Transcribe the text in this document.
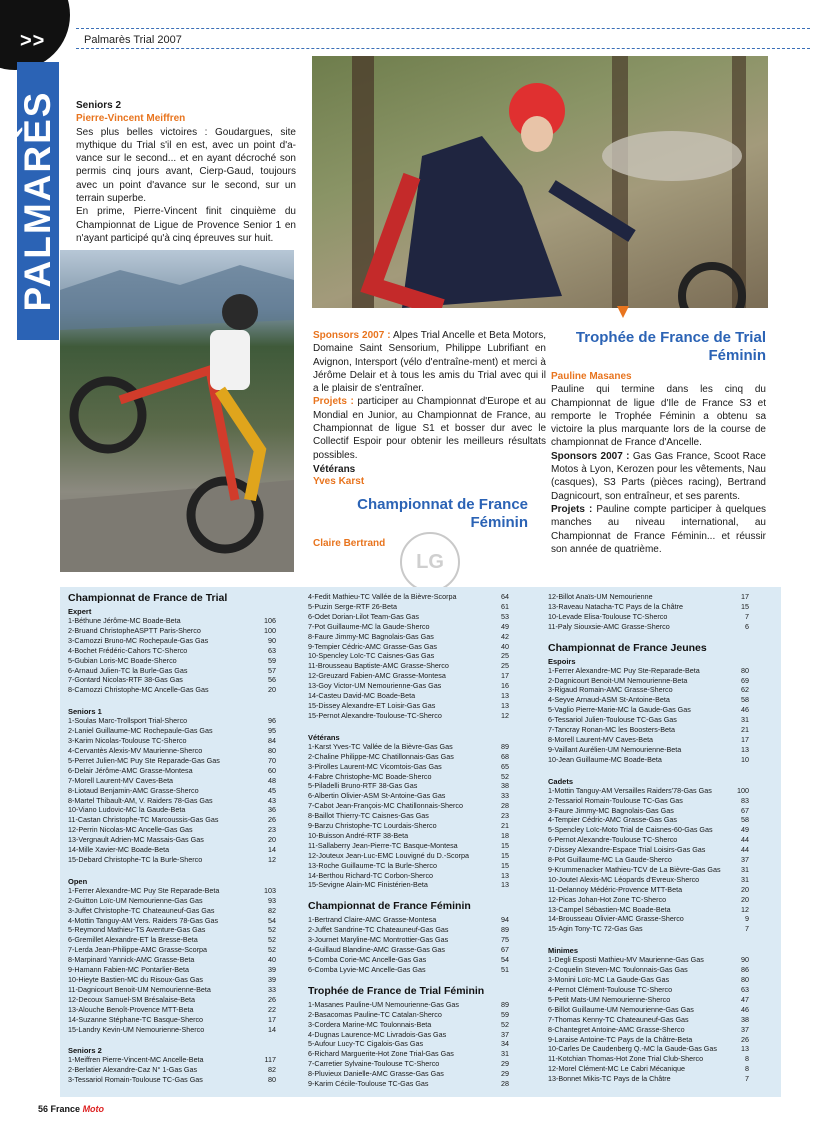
>>	Palmarès Trial 2007
PALMARÈS Seniors 2
Pierre-Vincent Meiffren

Ses plus belles victoires : Goudargues, site mythique du Trial s'il en est, avec un point d'a-vance sur le second... et en ayant décroché son permis cinq jours avant, Cierp-Gaud, toujours avec un point d'avance sur le second, sur un terrain superbe.

En prime, Pierre-Vincent finit cinquième du Championnat de Ligue de Provence Senior 1 en n'ayant participé qu'à cinq épreuves sur huit.

Sponsors 2007 : Alpes Trial Ancelle et Beta Motors, Domaine Saint Sensorium, Philippe Lubrifiant en Avignon, Intersport (vélo d'entraîne-ment) et merci à Jérôme Delair et à tous les amis du Trial avec qui il a le plaisir de s'entraîner.

Projets : participer au Championnat d'Europe et au Mondial en Junior, au Championnat de France, au Championnat de ligue S1 et bosser dur avec le Collectif Espoir pour obtenir les meilleurs résultats possibles.

Vétérans
Yves Karst
Championnat de France Féminin
LG
Claire Bertrand
Trophée de France de Trial Féminin
Pauline Masanes

Pauline qui termine dans les cinq du Championnat de ligue d'Ile de France S3 et remporte le Trophée Féminin a obtenu sa victoire la plus marquante lors de la course de championnat de France d'Ancelle.

Sponsors 2007 : Gas Gas France, Scoot Race Motos à Lyon, Kerozen pour les vêtements, Nau (casques), S3 Parts (pièces racing), Bertrand Dagnicourt, son entraîneur, et ses parents.

Projets : Pauline compte participer à quelques manches au niveau international, au Championnat de France Féminin... et réussir son année de quatrième.

Championnat de France de Trial
Expert
1-Béthune Jérôme-MC Boade-Beta	106
2-Bruand ChristopheASPTT Paris-Sherco	100
3-Camozzi Bruno-MC Rochepaule-Gas Gas	90
4-Bochet Frédéric-Cahors TC-Sherco	63
5-Gubian Loris-MC Boade-Sherco	59
6-Arnaud Julien-TC la Burle-Gas Gas	57
7-Gontard Nicolas-RTF 38-Gas Gas	56
8-Camozzi Christophe-MC Ancelle-Gas Gas	20
Seniors 1
1-Soulas Marc-Trollsport Trial-Sherco	96
2-Laniel Guillaume-MC Rochepaule-Gas Gas	95
3-Karim Nicolas-Toulouse TC-Sherco	84
4-Cervantès Alexis-MV Maurienne-Sherco	80
5-Perret Julien-MC Puy Ste Reparade-Gas Gas	70
6-Delair Jérôme-AMC Grasse-Montesa	60
7-Morell Laurent-MV Caves-Beta	48
8-Liotaud Benjamin-AMC Grasse-Sherco	45
8-Martel Thibault-AM, V. Raiders 78-Gas Gas	43
10-Viano Ludovic-MC la Gaude-Beta	36
11-Castan Christophe-TC Marcoussis-Gas Gas	26
12-Perrin Nicolas-MC Ancelle-Gas Gas	23
13-Vergnault Adrien-MC Massais-Gas Gas	20
14-Mille Xavier-MC Boade-Beta	14
15-Debard Christophe-TC la Burle-Sherco	12
Open
1-Ferrer Alexandre-MC Puy Ste Reparade-Beta	103
2-Guitton Loïc-UM Nemourienne-Gas Gas	93
3-Juffet Christophe-TC Chateauneuf-Gas Gas	82
4-Mottin Tanguy-AM Vers. Raiders 78-Gas Gas	54
5-Reymond Mathieu-TS Aventure-Gas Gas	52
6-Gremillet Alexandre-ET la Bresse-Beta	52
7-Lerda Jean-Philippe-AMC Grasse-Scorpa	52
8-Marpinard Yannick-AMC Grasse-Beta	40
9-Hamann Fabien-MC Pontarlier-Beta	39
10-Hieyte Bastien-MC du Risoux-Gas Gas	39
11-Dagnicourt Benoit-UM Nemourienne-Beta	33
12-Decoux Samuel-SM Brésalaise-Beta	26
13-Alouche Benoît-Provence MTT-Beta	22
14-Suzanne Stéphane-TC Basque-Sherco	17
15-Landry Kevin-UM Nemourienne-Sherco	14
Seniors 2
1-Meiffren Pierre-Vincent-MC Ancelle-Beta	117
2-Berlatier Alexandre-Caz N° 1-Gas Gas	82
3-Tessariol Romain-Toulouse TC-Gas Gas	80
4-Fedit Mathieu-TC Vallée de la Bièvre-Scorpa	64
5-Puzin Serge-RTF 26-Beta	61
6-Odet Dorian-Lilot Team-Gas Gas	53
7-Pot Guillaume-MC la Gaude-Sherco	49
8-Faure Jimmy-MC Bagnolais-Gas Gas	42
9-Tempier Cédric-AMC Grasse-Gas Gas	40
10-Spencley Loïc-TC Caisnes-Gas Gas	25
11-Brousseau Baptiste-AMC Grasse-Sherco	25
12-Greuzard Fabien-AMC Grasse-Montesa	17
13-Goy Victor-UM Nemourienne-Gas Gas	16
14-Casteu David-MC Boade-Beta	13
15-Dissey Alexandre-ET Loisir-Gas Gas	13
15-Pernot Alexandre-Toulouse-TC-Sherco	12
Vétérans
1-Karst Yves-TC Vallée de la Bièvre-Gas Gas	89
2-Chaline Philippe-MC Chatillonnais-Gas Gas	68
3-Pirolles Laurent-MC Vicomtois-Gas Gas	65
4-Fabre Christophe-MC Boade-Sherco	52
5-Piladelli Bruno-RTF 38-Gas Gas	38
6-Albertin Olivier-ASM St-Antoine-Gas Gas	33
7-Cabot Jean-François-MC Chatillonnais-Sherco	28
8-Baillot Thierry-TC Caisnes-Gas Gas	23
9-Barzu Christophe-TC Lourdais-Sherco	21
10-Buisson André-RTF 38-Beta	18
11-Sallaberry Jean-Pierre-TC Basque-Montesa	15
12-Jouteux Jean-Luc-EMC Louvigné du D.-Scorpa	15
13-Roche Guillaume-TC la Burle-Sherco	15
14-Berthou Richard-TC Corbon-Sherco	13
15-Sevigne Alain-MC Finistérien-Beta	13
Championnat de France Féminin
1-Bertrand Claire-AMC Grasse-Montesa	94
2-Juffet Sandrine-TC Chateauneuf-Gas Gas	89
3-Journet Maryline-MC Montrottier-Gas Gas	75
4-Guillaud Blandine-AMC Grasse-Gas Gas	67
5-Comba Corie-MC Ancelle-Gas Gas	54
6-Comba Lyvie-MC Ancelle-Gas Gas	51
Trophée de France de Trial Féminin
1-Masanes Pauline-UM Nemourienne-Gas Gas	89
2-Basacomas Pauline-TC Catalan-Sherco	59
3-Cordera Marine-MC Toulonnais-Beta	52
4-Dugnas Laurence-MC Livradois-Gas Gas	37
5-Aufour Lucy-TC Cigalois-Gas Gas	34
6-Richard Marguerite-Hot Zone Trial-Gas Gas	31
7-Carretier Sylvaine-Toulouse TC-Sherco	29
8-Pluvieux Danielle-AMC Grasse-Gas Gas	29
9-Karim Cécile-Toulouse TC-Gas Gas	28
12-Billot Anaïs-UM Nemourienne	17
13-Raveau Natacha-TC Pays de la Châtre	15
10-Levade Elisa-Toulouse TC-Sherco	7
11-Paly Siouxsie-AMC Grasse-Sherco	6
Championnat de France Jeunes
Espoirs
1-Ferrer Alexandre-MC Puy Ste-Reparade-Beta	80
2-Dagnicourt Benoit-UM Nemourienne-Beta	69
3-Rigaud Romain-AMC Grasse-Sherco	62
4-Seyve Arnaud-ASM St-Antoine-Beta	58
5-Vaglio Pierre-Marie-MC la Gaude-Gas Gas	46
6-Tessariol Julien-Toulouse TC-Gas Gas	31
7-Tancray Ronan-MC les Boosters-Beta	21
8-Morell Laurent-MV Caves-Beta	17
9-Vaillant Aurélien-UM Nemourienne-Beta	13
10-Jean Guillaume-MC Boade-Beta	10
Cadets
1-Mottin Tanguy-AM Versailles Raiders'78-Gas Gas	100
2-Tessariol Romain-Toulouse TC-Gas Gas	83
3-Faure Jimmy-MC Bagnolais-Gas Gas	67
4-Tempier Cédric-AMC Grasse-Gas Gas	58
5-Spencley Loïc-Moto Trial de Caisnes-60-Gas Gas	49
6-Pernot Alexandre-Toulouse TC-Sherco	44
7-Dissey Alexandre-Espace Trial Loisirs-Gas Gas	44
8-Pot Guillaume-MC La Gaude-Sherco	37
9-Krummenacker Mathieu-TCV de La Bièvre-Gas Gas	31
10-Jouteï Alexis-MC Léopards d'Evreux-Sherco	31
11-Delannoy Médéric-Provence MTT-Beta	20
12-Picas Johan-Hot Zone TC-Sherco	20
13-Campel Sébastien-MC Boade-Beta	12
14-Brousseau Olivier-AMC Grasse-Sherco	9
15-Agin Tony-TC 72-Gas Gas	7
Minimes
1-Degli Esposti Mathieu-MV Maurienne-Gas Gas	90
2-Coquelin Steven-MC Toulonnais-Gas Gas	86
3-Monini Loïc-MC La Gaude-Gas Gas	80
4-Pernot Clément-Toulouse TC-Sherco	63
5-Petit Mats-UM Nemourienne-Sherco	47
6-Billot Guillaume-UM Nemourienne-Gas Gas	46
7-Thomas Kenny-TC Chateauneuf-Gas Gas	38
8-Chantegret Antoine-AMC Grasse-Sherco	37
9-Laraise Antoine-TC Pays de la Châtre-Beta	26
10-Carles De Caudenberg Q.-MC la Gaude-Gas Gas	13
11-Kotchian Thomas-Hot Zone Trial Club-Sherco	8
12-Morel Clément-MC Le Cabri Mécanique	8
13-Bonnet Mikis-TC Pays de la Châtre	7
56 France Moto
